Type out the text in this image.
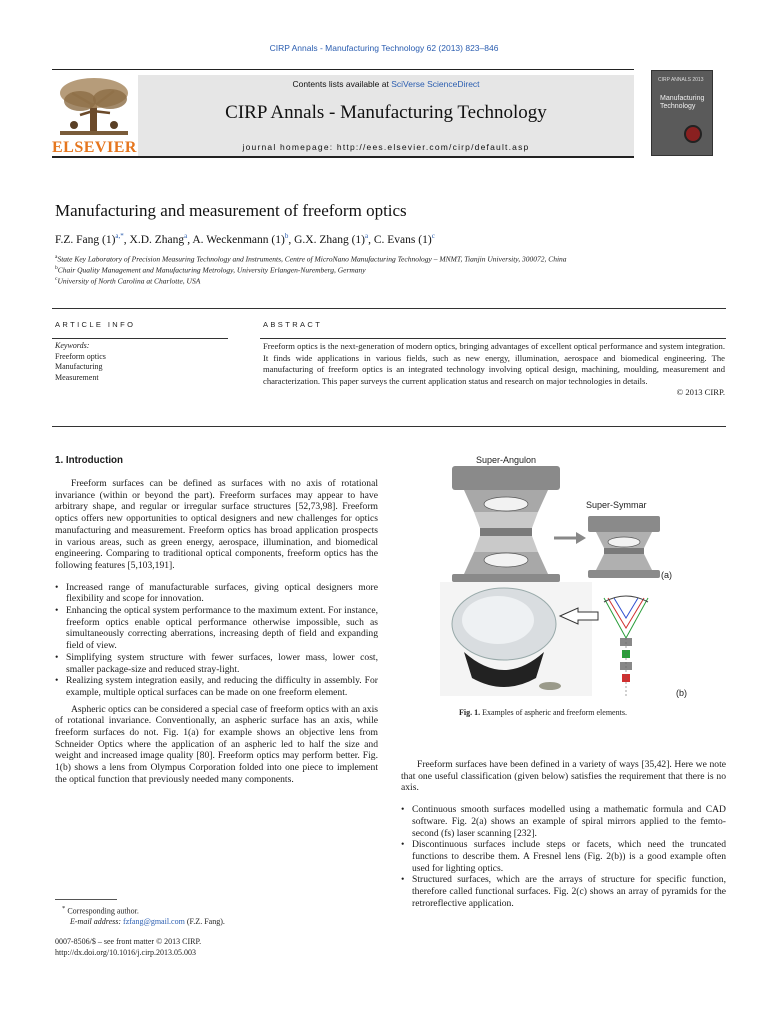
CIRP Annals - Manufacturing Technology 62 (2013) 823–846
ELSEVIER
Contents lists available at SciVerse ScienceDirect
CIRP Annals - Manufacturing Technology
journal homepage: http://ees.elsevier.com/cirp/default.asp
CIRP ANNALS 2013
Manufacturing
Technology
Manufacturing and measurement of freeform optics
F.Z. Fang $(1)^{a,*}$, X.D. Zhang$^a$, A. Weckenmann $(1)^b$, G.X. Zhang $(1)^a$, C. Evans $(1)^c$
$^a$State Key Laboratory of Precision Measuring Technology and Instruments, Centre of MicroNano Manufacturing Technology – MNMT, Tianjin University, 300072, China
$^b$Chair Quality Management and Manufacturing Metrology, University Erlangen-Nuremberg, Germany
$^c$University of North Carolina at Charlotte, USA
ARTICLE INFO
Keywords:
Freeform optics
Manufacturing
Measurement
ABSTRACT

Freeform optics is the next-generation of modern optics, bringing advantages of excellent optical performance and system integration. It finds wide applications in various fields, such as new energy, illumination, aerospace and biomedical engineering. The manufacturing of freeform optics is an integrated technology involving optical design, machining, moulding, measurement and characterization. This paper surveys the current application status and research on major technologies in details.

© 2013 CIRP.

1. Introduction

Freeform surfaces can be defined as surfaces with no axis of rotational invariance (within or beyond the part). Freeform surfaces may appear to have arbitrary shape, and regular or irregular surface structures [52,73,98]. Freeform optics offers new opportunities to optical designers and new challenges for optics manufacturing and measurement. Freeform optics has broad application prospects in various areas, such as green energy, aerospace, illumination, and biomedical engineering. Comparing to traditional optical components, freeform optics has the following features [5,103,191].

• Increased range of manufacturable surfaces, giving optical designers more flexibility and scope for innovation.
• Enhancing the optical system performance to the maximum extent. For instance, freeform optics enable optical performance otherwise impossible, such as simultaneously correcting aberrations, increasing depth of field and expanding field of view.
• Simplifying system structure with fewer surfaces, lower mass, lower cost, smaller package-size and reduced stray-light.
• Realizing system integration easily, and reducing the difficulty in assembly. For example, multiple optical surfaces can be made on one freeform element.

Aspheric optics can be considered a special case of freeform optics with an axis of rotational invariance. Conventionally, an aspheric surface has an axis, while freeform surfaces do not. Fig. 1(a) for example shows an objective lens from Schneider Optics where the application of an aspheric led to half the size and weight and increased image quality [80]. Freeform optics may perform better. Fig. 1(b) shows a lens from Olympus Corporation folded into one piece to implement the optical function that previously needed many components.

Super-Angulon
Super-Symmar
(a)
(b)
Fig. 1. Examples of aspheric and freeform elements.

Freeform surfaces have been defined in a variety of ways [35,42]. Here we note that one useful classification (given below) satisfies the requirement that there is no axis.

• Continuous smooth surfaces modelled using a mathematic formula and CAD software. Fig. 2(a) shows an example of spiral mirrors applied to the femto-second (fs) laser scanning [232].
• Discontinuous surfaces include steps or facets, which need the truncated functions to describe them. A Fresnel lens (Fig. 2(b)) is a good example often used for lighting optics.
• Structured surfaces, which are the arrays of structure for specific function, therefore called functional surfaces. Fig. 2(c) shows an array of pyramids for the retroreflective application.
* Corresponding author.
E-mail address: fzfang@gmail.com (F.Z. Fang).
0007-8506/$ – see front matter © 2013 CIRP.
http://dx.doi.org/10.1016/j.cirp.2013.05.003
